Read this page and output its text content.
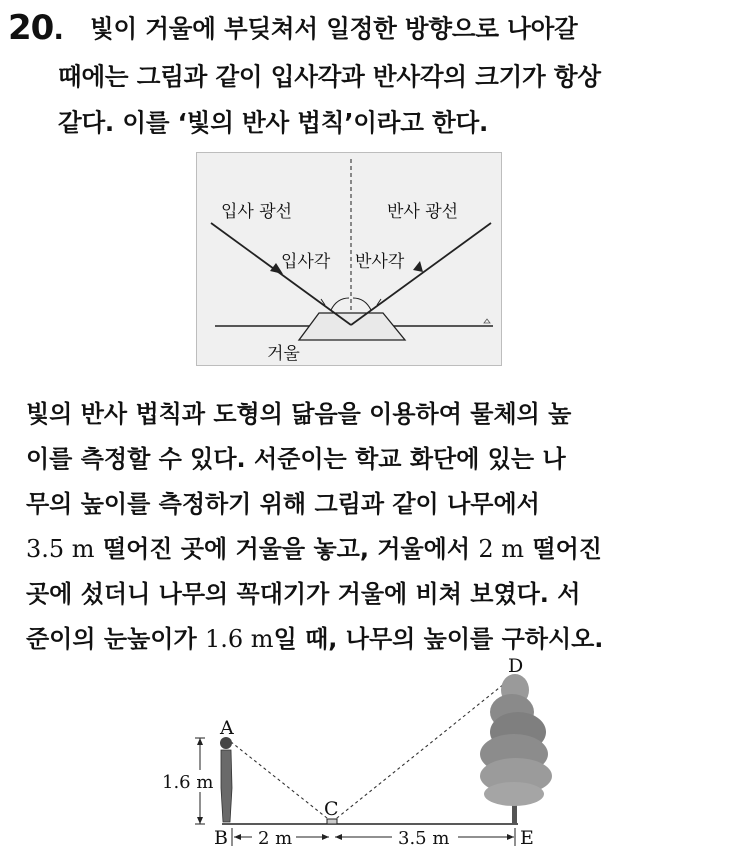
20. 빛이 거울에 부딪쳐서 일정한 방향으로 나아갈
때에는 그림과 같이 입사각과 반사각의 크기가 항상
같다. 이를 ‘빛의 반사 법칙’이라고 한다.
입사 광선	반사 광선
입사각 반사각
거울
빛의 반사 법칙과 도형의 닮음을 이용하여 물체의 높
이를 측정할 수 있다. 서준이는 학교 화단에 있는 나
무의 높이를 측정하기 위해 그림과 같이 나무에서
3.5 m 떨어진 곳에 거울을 놓고, 거울에서 2 m 떨어진
곳에 섰더니 나무의 꼭대기가 거울에 비쳐 보였다. 서
준이의 눈높이가 1.6 m일 때, 나무의 높이를 구하시오.
1.6 m
2 m	3.5 m
A
B
C
D
E
